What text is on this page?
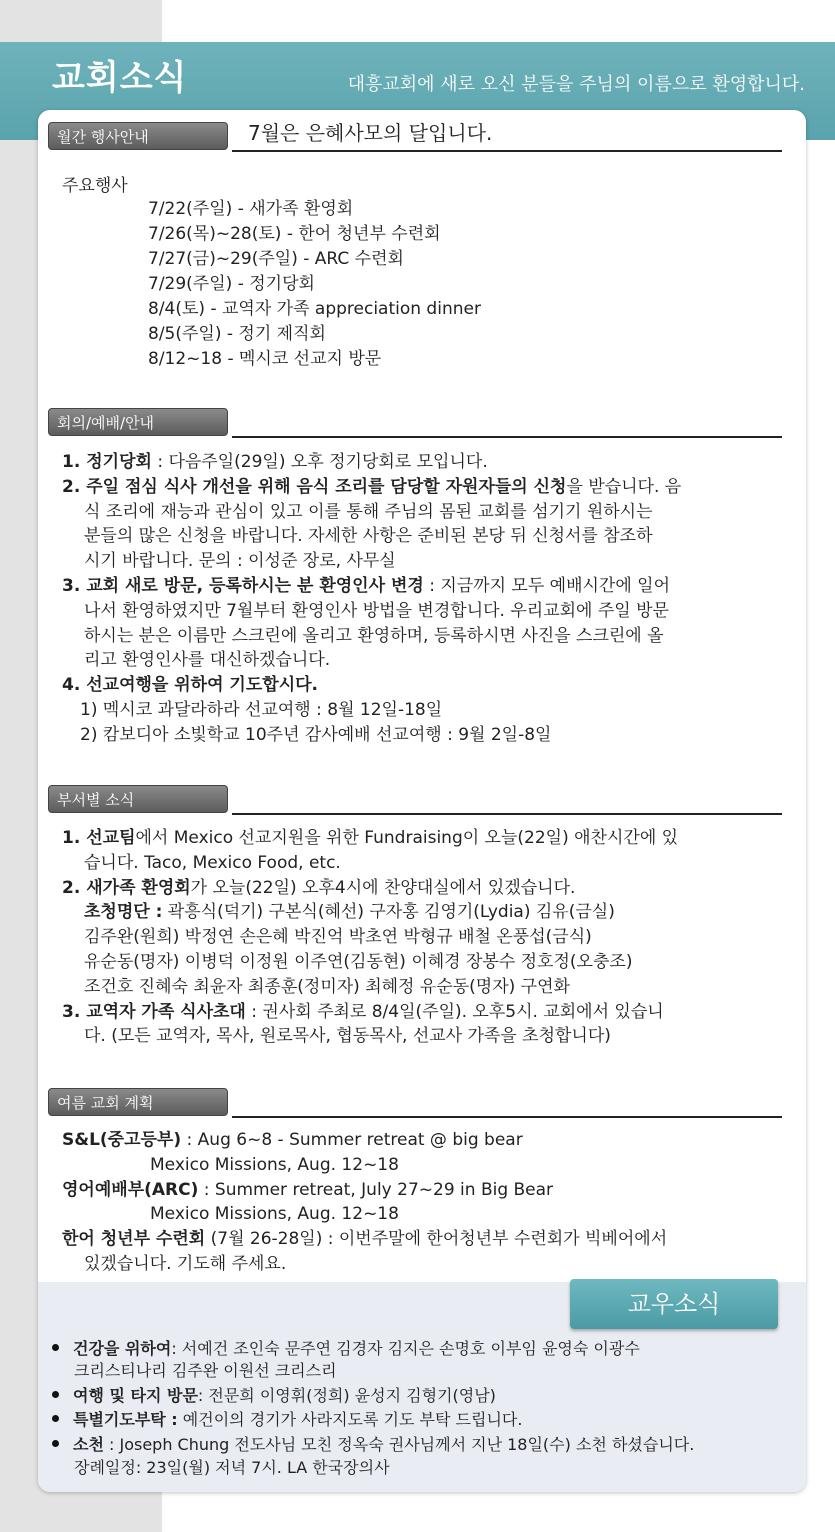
교회소식	대흥교회에 새로 오신 분들을 주님의 이름으로 환영합니다.
월간 행사안내	7월은 은혜사모의 달입니다.
주요행사
7/22(주일) - 새가족 환영회
7/26(목)~28(토) - 한어 청년부 수련회
7/27(금)~29(주일) - ARC 수련회
7/29(주일) - 정기당회
8/4(토) - 교역자 가족 appreciation dinner
8/5(주일) - 정기 제직회
8/12~18 - 멕시코 선교지 방문
회의/예배/안내
1. 정기당회 : 다음주일(29일) 오후 정기당회로 모입니다.
2. 주일 점심 식사 개선을 위해 음식 조리를 담당할 자원자들의 신청을 받습니다. 음
식 조리에 재능과 관심이 있고 이를 통해 주님의 몸된 교회를 섬기기 원하시는
분들의 많은 신청을 바랍니다. 자세한 사항은 준비된 본당 뒤 신청서를 참조하
시기 바랍니다. 문의 : 이성준 장로, 사무실
3. 교회 새로 방문, 등록하시는 분 환영인사 변경 : 지금까지 모두 예배시간에 일어
나서 환영하였지만 7월부터 환영인사 방법을 변경합니다. 우리교회에 주일 방문
하시는 분은 이름만 스크린에 올리고 환영하며, 등록하시면 사진을 스크린에 올
리고 환영인사를 대신하겠습니다.
4. 선교여행을 위하여 기도합시다.
1) 멕시코 과달라하라 선교여행 : 8월 12일-18일
2) 캄보디아 소빛학교 10주년 감사예배 선교여행 : 9월 2일-8일
부서별 소식
1. 선교팀에서 Mexico 선교지원을 위한 Fundraising이 오늘(22일) 애찬시간에 있
습니다. Taco, Mexico Food, etc.
2. 새가족 환영회가 오늘(22일) 오후4시에 찬양대실에서 있겠습니다.
초청명단 : 곽흥식(덕기) 구본식(혜선) 구자홍 김영기(Lydia) 김유(금실)
김주완(원희) 박정연 손은혜 박진억 박초연 박형규 배철 온풍섭(금식)
유순동(명자) 이병덕 이정원 이주연(김동현) 이혜경 장봉수 정호정(오충조)
조건호 진혜숙 최윤자 최종훈(정미자) 최혜정 유순동(명자) 구연화
3. 교역자 가족 식사초대 : 권사회 주최로 8/4일(주일). 오후5시. 교회에서 있습니
다. (모든 교역자, 목사, 원로목사, 협동목사, 선교사 가족을 초청합니다)
여름 교회 계획
S&L(중고등부) : Aug 6~8 - Summer retreat @ big bear
Mexico Missions, Aug. 12~18
영어예배부(ARC) : Summer retreat, July 27~29 in Big Bear
Mexico Missions, Aug. 12~18
한어 청년부 수련회 (7월 26-28일) : 이번주말에 한어청년부 수련회가 빅베어에서
있겠습니다. 기도해 주세요.
교우소식
건강을 위하여: 서예건 조인숙 문주연 김경자 김지은 손명호 이부임 윤영숙 이광수
크리스티나리 김주완 이원선 크리스리
여행 및 타지 방문: 전문희 이영휘(정희) 윤성지 김형기(영남)
특별기도부탁 : 예건이의 경기가 사라지도록 기도 부탁 드립니다.
소천 : Joseph Chung 전도사님 모친 정옥숙 권사님께서 지난 18일(수) 소천 하셨습니다.
장례일정: 23일(월) 저녁 7시. LA 한국장의사
